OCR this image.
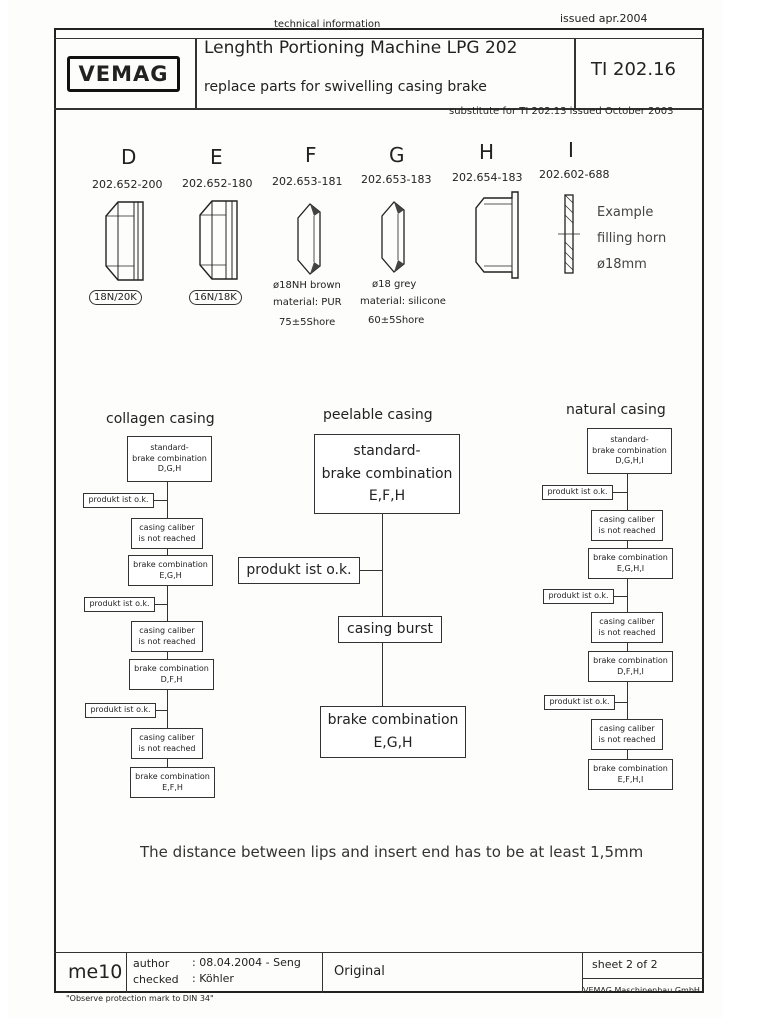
technical information	issued apr.2004
VEMAG
Lenghth Portioning Machine LPG 202
replace parts for swivelling casing brake
TI 202.16
substitute for TI 202.13 issued October 2003
D	E	F	G	H	I
202.652-200 202.652-180 202.653-181 202.653-183 202.654-183 202.602-688
18N/20K	16N/18K
ø18NH brown
material: PUR
75±5Shore
ø18 grey
material: silicone
60±5Shore
Example
filling horn
ø18mm
collagen casing
standard-
brake combination
D,G,H
produkt ist o.k.
casing caliber
is not reached
brake combination
E,G,H
produkt ist o.k.
casing caliber
is not reached
brake combination
D,F,H
produkt ist o.k.
casing caliber
is not reached
brake combination
E,F,H
peelable casing
standard-
brake combination
E,F,H
produkt ist o.k.
casing burst
brake combination
E,G,H
natural casing
standard-
brake combination
D,G,H,I
produkt ist o.k.
casing caliber
is not reached
brake combination
E,G,H,I
produkt ist o.k.
casing caliber
is not reached
brake combination
D,F,H,I
produkt ist o.k.
casing caliber
is not reached
brake combination
E,F,H,I
The distance between lips and insert end has to be at least 1,5mm
me10 author : 08.04.2004 - Seng
checked : Köhler	Original	sheet 2 of 2
"Observe protection mark to DIN 34"
VEMAG Maschinenbau GmbH
